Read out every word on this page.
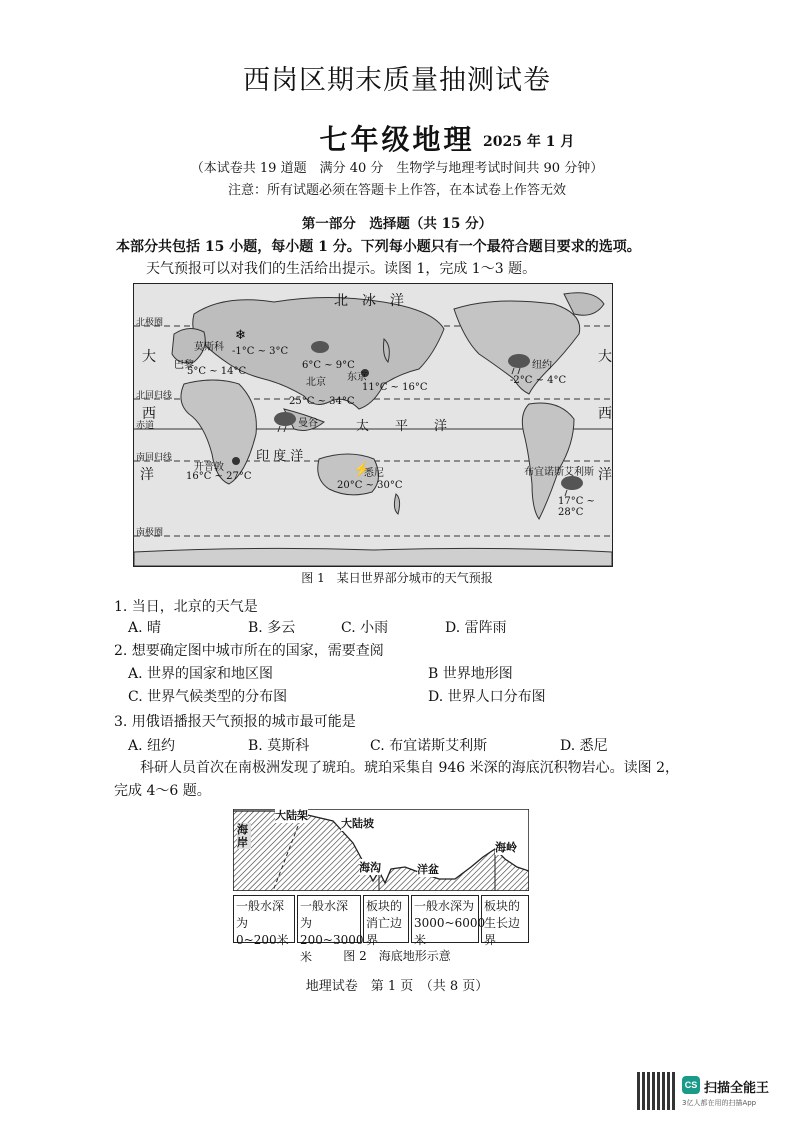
西岗区期末质量抽测试卷
七年级地理 2025 年 1 月
（本试卷共 19 道题　满分 40 分　生物学与地理考试时间共 90 分钟）
注意：所有试题必须在答题卡上作答，在本试卷上作答无效
第一部分　选择题（共 15 分）
本部分共包括 15 小题，每小题 1 分。下列每小题只有一个最符合题目要求的选项。
天气预报可以对我们的生活给出提示。读图 1，完成 1～3 题。
❄
⚡
北　冰　洋
太　　平　　洋
印 度 洋
大
西
洋
大
西
洋
北极圈
北回归线
赤道
南回归线
南极圈
莫斯科 -1°C ~ 3°C
巴黎
5°C ~ 14°C
北京
6°C ~ 9°C
东京
11°C ~ 16°C
纽约
-2°C ~ 4°C
曼谷
25°C ~ 34°C
开普敦
16°C ~ 27°C	悉尼
20°C ~ 30°C
布宜诺斯艾利斯
17°C ~ 28°C
图 1　某日世界部分城市的天气预报
1. 当日，北京的天气是
A. 晴	B. 多云	C. 小雨	D. 雷阵雨
2. 想要确定图中城市所在的国家，需要查阅
A. 世界的国家和地区图	B 世界地形图
C. 世界气候类型的分布图	D. 世界人口分布图
3. 用俄语播报天气预报的城市最可能是
A. 纽约	B. 莫斯科	C. 布宜诺斯艾利斯	D. 悉尼
科研人员首次在南极洲发现了琥珀。琥珀采集自 946 米深的海底沉积物岩心。读图 2，
完成 4～6 题。
大陆架
大陆坡
海岸
海沟	洋盆
海岭
一般水深为 0~200米
一般水深为 200~3000米
板块的消亡边界
一般水深为 3000~6000米
板块的生长边界
图 2　海底地形示意
地理试卷　第 1 页　（共 8 页）
CS 扫描全能王
3亿人都在用的扫描App
